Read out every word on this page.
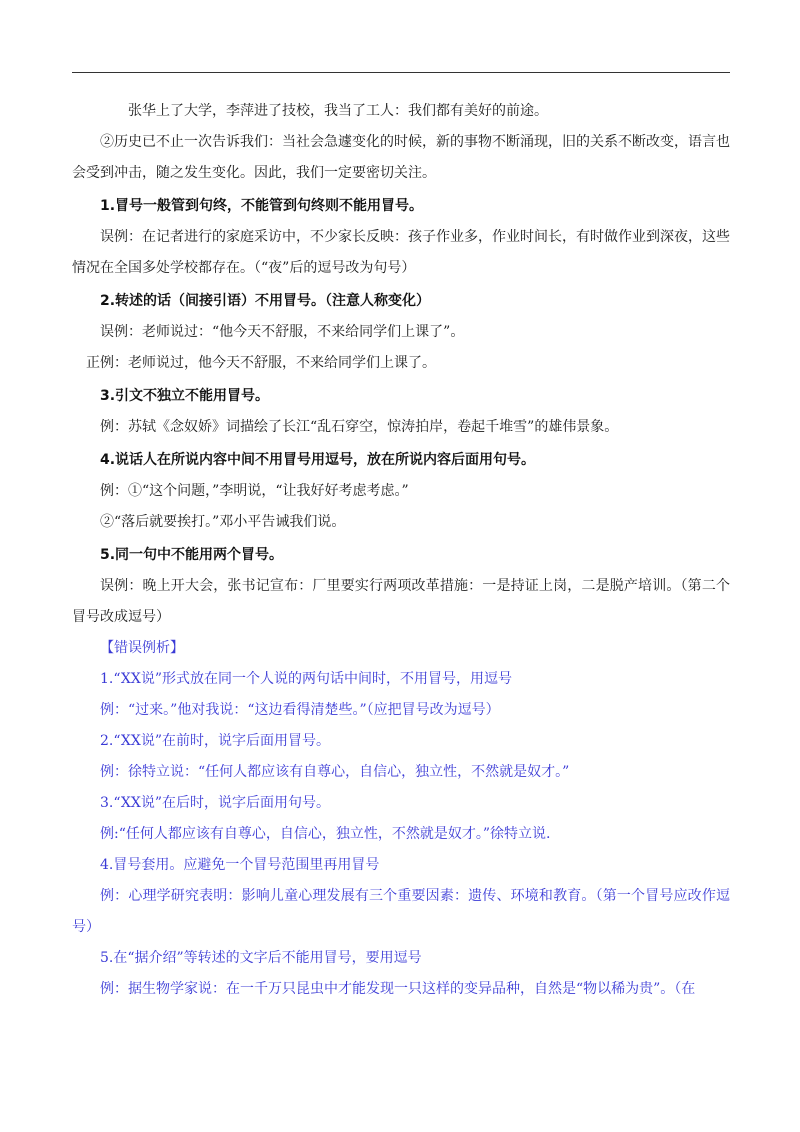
张华上了大学，李萍进了技校，我当了工人：我们都有美好的前途。

②历史已不止一次告诉我们：当社会急遽变化的时候，新的事物不断涌现，旧的关系不断改变，语言也会受到冲击，随之发生变化。因此，我们一定要密切关注。

1.冒号一般管到句终，不能管到句终则不能用冒号。

误例：在记者进行的家庭采访中，不少家长反映：孩子作业多，作业时间长，有时做作业到深夜，这些情况在全国多处学校都存在。（“夜”后的逗号改为句号）

2.转述的话（间接引语）不用冒号。（注意人称变化）

误例：老师说过：“他今天不舒服，不来给同学们上课了”。

正例：老师说过，他今天不舒服，不来给同学们上课了。

3.引文不独立不能用冒号。

例：苏轼《念奴娇》词描绘了长江“乱石穿空，惊涛拍岸，卷起千堆雪”的雄伟景象。

4.说话人在所说内容中间不用冒号用逗号，放在所说内容后面用句号。

例：①“这个问题，”李明说，“让我好好考虑考虑。”

②“落后就要挨打。”邓小平告诫我们说。

5.同一句中不能用两个冒号。

误例：晚上开大会，张书记宣布：厂里要实行两项改革措施：一是持证上岗，二是脱产培训。（第二个冒号改成逗号）

【错误例析】

1.“XX说”形式放在同一个人说的两句话中间时，不用冒号，用逗号

例：“过来。”他对我说：“这边看得清楚些。”（应把冒号改为逗号）

2.“XX说”在前时，说字后面用冒号。

例：徐特立说：“任何人都应该有自尊心，自信心，独立性，不然就是奴才。”

3.“XX说”在后时，说字后面用句号。

例:“任何人都应该有自尊心，自信心，独立性，不然就是奴才。”徐特立说.

4.冒号套用。应避免一个冒号范围里再用冒号

例：心理学研究表明：影响儿童心理发展有三个重要因素：遗传、环境和教育。（第一个冒号应改作逗号）

5.在“据介绍”等转述的文字后不能用冒号，要用逗号

例：据生物学家说：在一千万只昆虫中才能发现一只这样的变异品种，自然是“物以稀为贵”。（在
